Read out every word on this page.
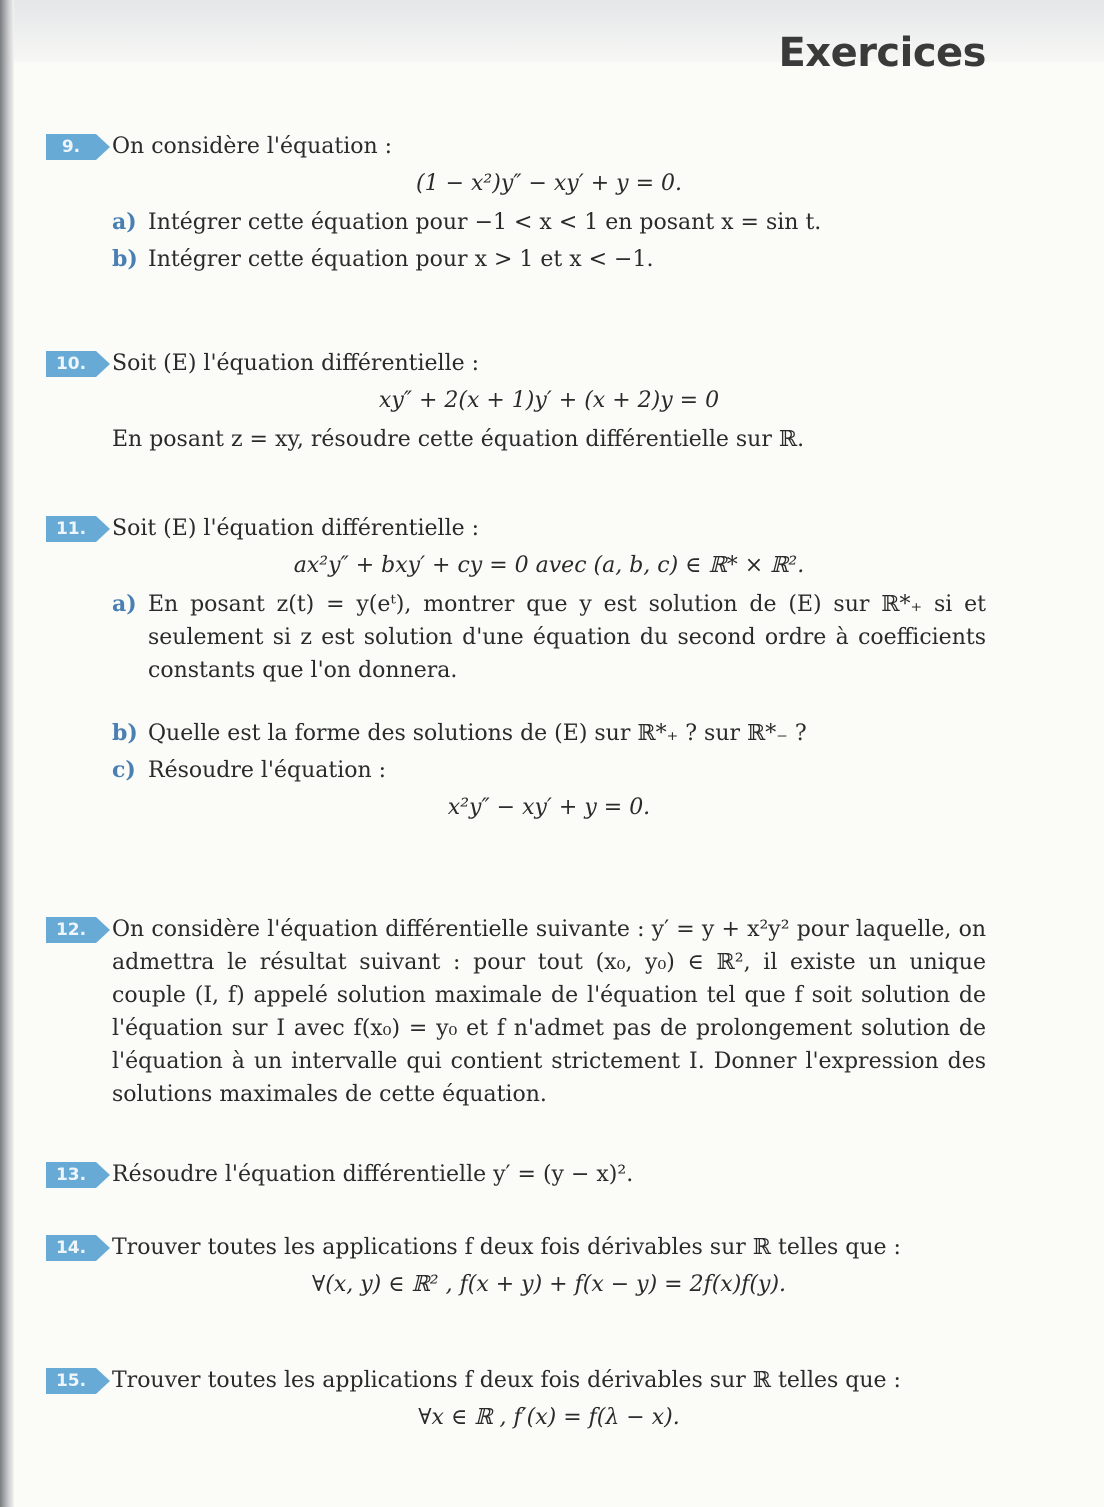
Exercices
9.	On considère l'équation :
(1 − x²)y″ − xy′ + y = 0.
a) Intégrer cette équation pour −1 < x < 1 en posant x = sin t.
b) Intégrer cette équation pour x > 1 et x < −1.
10.	Soit (E) l'équation différentielle :
xy″ + 2(x + 1)y′ + (x + 2)y = 0
En posant z = xy, résoudre cette équation différentielle sur ℝ.
11.	Soit (E) l'équation différentielle :
ax²y″ + bxy′ + cy = 0 avec (a, b, c) ∈ ℝ* × ℝ².
a) En posant z(t) = y(eᵗ), montrer que y est solution de (E) sur ℝ*₊ si et seulement si z est solution d'une équation du second ordre à coefficients constants que l'on donnera.
b) Quelle est la forme des solutions de (E) sur ℝ*₊ ? sur ℝ*₋ ?
c) Résoudre l'équation :
x²y″ − xy′ + y = 0.
12.	On considère l'équation différentielle suivante : y′ = y + x²y² pour laquelle, on admettra le résultat suivant : pour tout (x₀, y₀) ∈ ℝ², il existe un unique couple (I, f) appelé solution maximale de l'équation tel que f soit solution de l'équation sur I avec f(x₀) = y₀ et f n'admet pas de prolongement solution de l'équation à un intervalle qui contient strictement I. Donner l'expression des solutions maximales de cette équation.
13.	Résoudre l'équation différentielle y′ = (y − x)².
14.	Trouver toutes les applications f deux fois dérivables sur ℝ telles que :
∀(x, y) ∈ ℝ² , f(x + y) + f(x − y) = 2f(x)f(y).
15.	Trouver toutes les applications f deux fois dérivables sur ℝ telles que :
∀x ∈ ℝ , f′(x) = f(λ − x).
